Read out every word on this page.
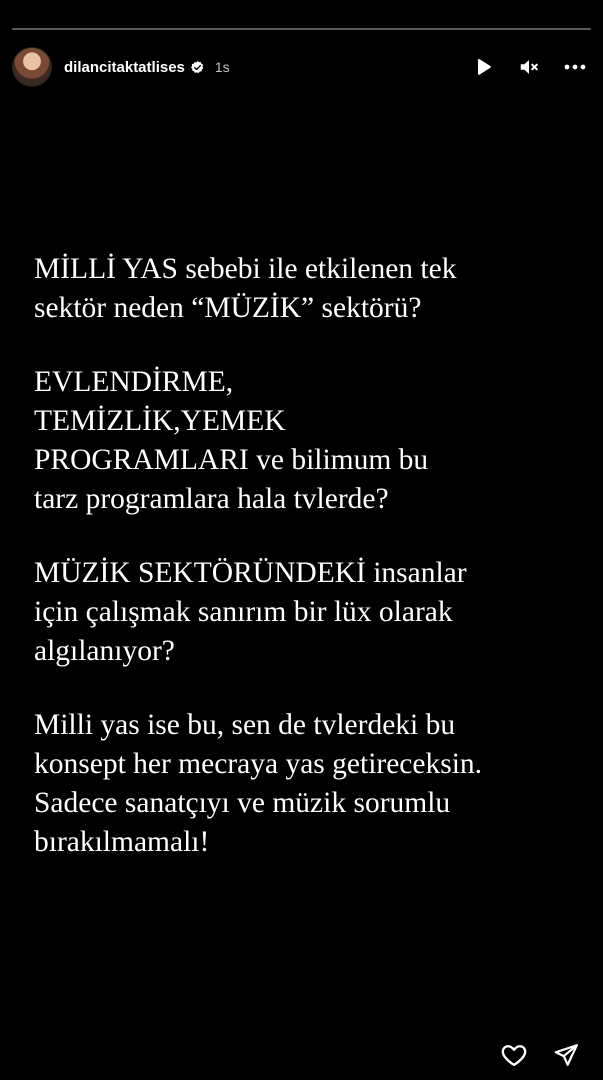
dilancitaktatlises 1s

MİLLİ YAS sebebi ile etkilenen tek
sektör neden “MÜZİK” sektörü?

EVLENDİRME,
TEMİZLİK,YEMEK
PROGRAMLARI ve bilimum bu
tarz programlara hala tvlerde?

MÜZİK SEKTÖRÜNDEKİ insanlar
için çalışmak sanırım bir lüx olarak
algılanıyor?

Milli yas ise bu, sen de tvlerdeki bu
konsept her mecraya yas getireceksin.
Sadece sanatçıyı ve müzik sorumlu
bırakılmamalı!
